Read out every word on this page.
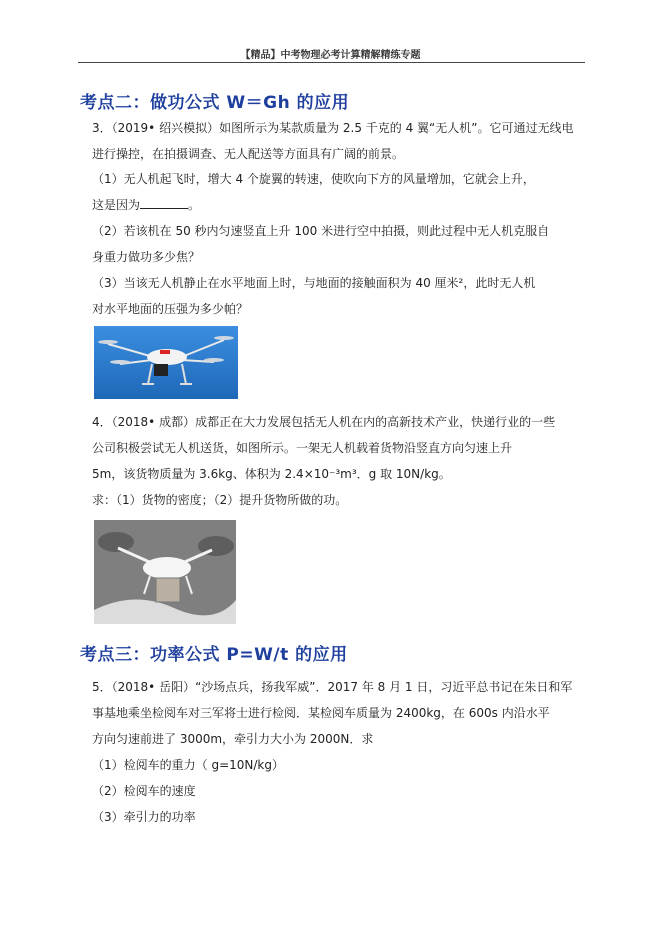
【精品】中考物理必考计算精解精练专题
考点二：做功公式 W＝Gh 的应用
3．（2019• 绍兴模拟）如图所示为某款质量为 2.5 千克的 4 翼“无人机”。它可通过无线电
进行操控，在拍摄调查、无人配送等方面具有广阔的前景。
（1）无人机起飞时，增大 4 个旋翼的转速，使吹向下方的风量增加，它就会上升，
这是因为	。
（2）若该机在 50 秒内匀速竖直上升 100 米进行空中拍摄，则此过程中无人机克服自
身重力做功多少焦？
（3）当该无人机静止在水平地面上时，与地面的接触面积为 40 厘米²，此时无人机
对水平地面的压强为多少帕？
4．（2018• 成都）成都正在大力发展包括无人机在内的高新技术产业，快递行业的一些
公司积极尝试无人机送货，如图所示。一架无人机载着货物沿竖直方向匀速上升
5m，该货物质量为 3.6kg、体积为 2.4×10⁻³m³．g 取 10N/kg。
求：（1）货物的密度；（2）提升货物所做的功。
考点三：功率公式 P=W/t 的应用
5．（2018• 岳阳）“沙场点兵，扬我军威”．2017 年 8 月 1 日，习近平总书记在朱日和军
事基地乘坐检阅车对三军将士进行检阅．某检阅车质量为 2400kg，在 600s 内沿水平
方向匀速前进了 3000m，牵引力大小为 2000N．求
（1）检阅车的重力（ g=10N/kg）
（2）检阅车的速度
（3）牵引力的功率
